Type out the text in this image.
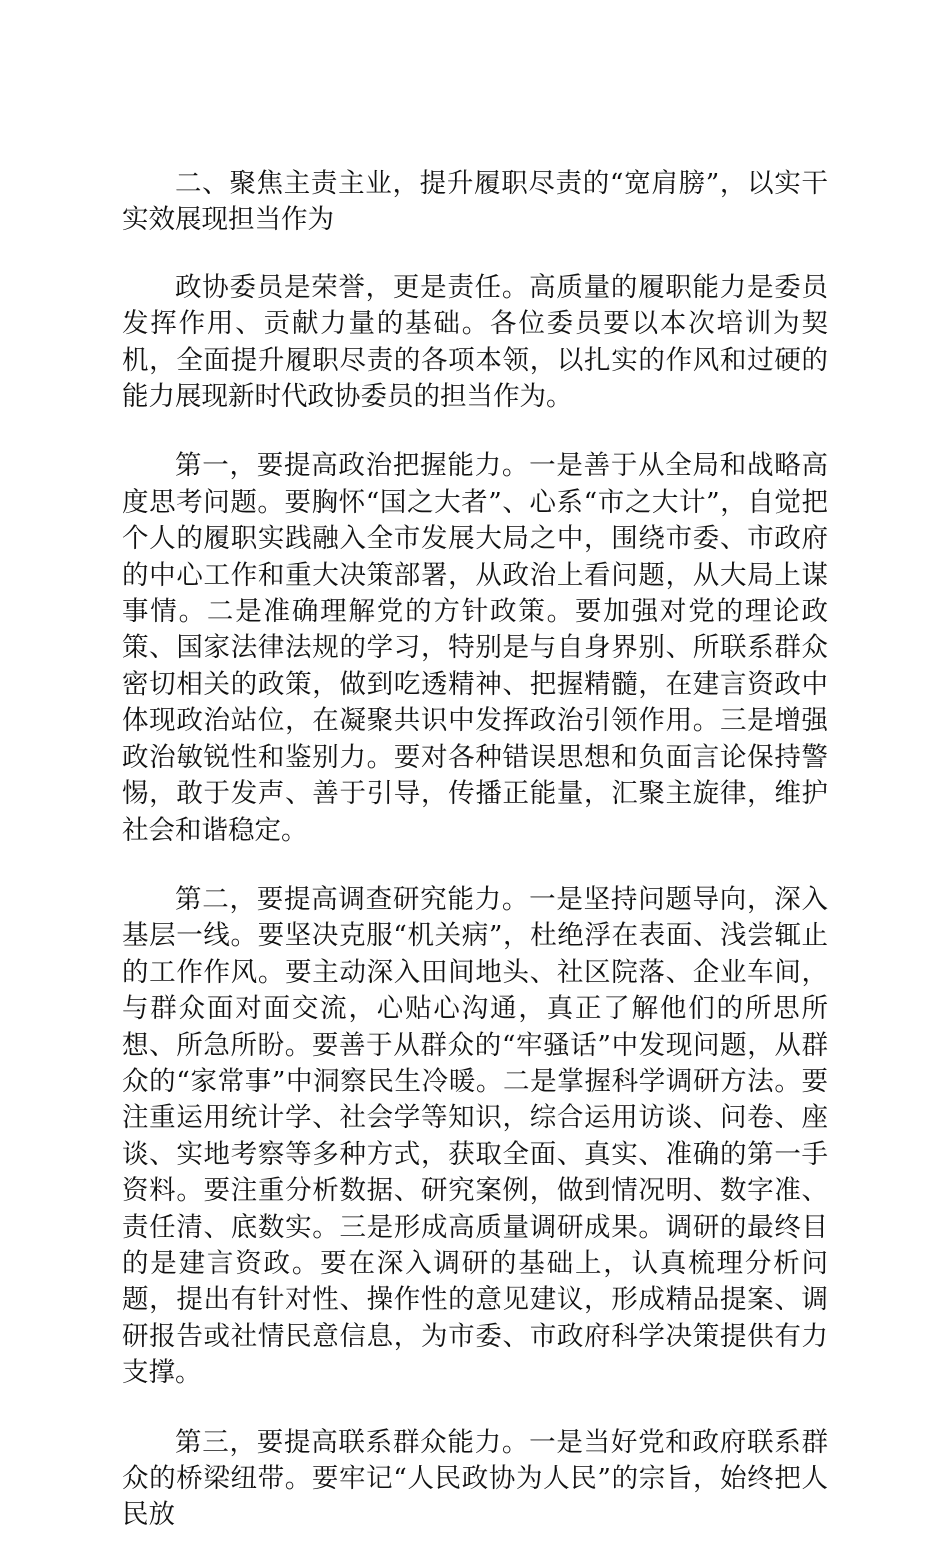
二、聚焦主责主业，提升履职尽责的“宽肩膀”，以实干实效展现担当作为

政协委员是荣誉，更是责任。高质量的履职能力是委员发挥作用、贡献力量的基础。各位委员要以本次培训为契机，全面提升履职尽责的各项本领，以扎实的作风和过硬的能力展现新时代政协委员的担当作为。

第一，要提高政治把握能力。一是善于从全局和战略高度思考问题。要胸怀“国之大者”、心系“市之大计”，自觉把个人的履职实践融入全市发展大局之中，围绕市委、市政府的中心工作和重大决策部署，从政治上看问题，从大局上谋事情。二是准确理解党的方针政策。要加强对党的理论政策、国家法律法规的学习，特别是与自身界别、所联系群众密切相关的政策，做到吃透精神、把握精髓，在建言资政中体现政治站位，在凝聚共识中发挥政治引领作用。三是增强政治敏锐性和鉴别力。要对各种错误思想和负面言论保持警惕，敢于发声、善于引导，传播正能量，汇聚主旋律，维护社会和谐稳定。

第二，要提高调查研究能力。一是坚持问题导向，深入基层一线。要坚决克服“机关病”，杜绝浮在表面、浅尝辄止的工作作风。要主动深入田间地头、社区院落、企业车间，与群众面对面交流，心贴心沟通，真正了解他们的所思所想、所急所盼。要善于从群众的“牢骚话”中发现问题，从群众的“家常事”中洞察民生冷暖。二是掌握科学调研方法。要注重运用统计学、社会学等知识，综合运用访谈、问卷、座谈、实地考察等多种方式，获取全面、真实、准确的第一手资料。要注重分析数据、研究案例，做到情况明、数字准、责任清、底数实。三是形成高质量调研成果。调研的最终目的是建言资政。要在深入调研的基础上，认真梳理分析问题，提出有针对性、操作性的意见建议，形成精品提案、调研报告或社情民意信息，为市委、市政府科学决策提供有力支撑。

第三，要提高联系群众能力。一是当好党和政府联系群众的桥梁纽带。要牢记“人民政协为人民”的宗旨，始终把人民放
